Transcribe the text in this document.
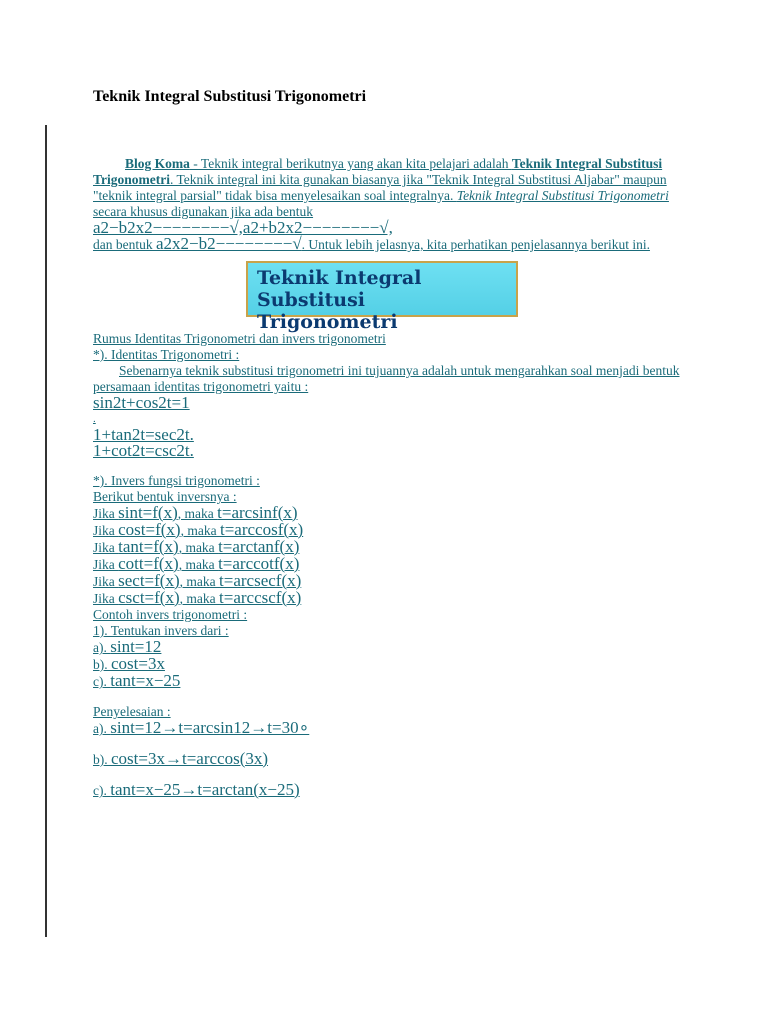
Teknik Integral Substitusi Trigonometri
Blog Koma - Teknik integral berikutnya yang akan kita pelajari adalah Teknik Integral Substitusi Trigonometri. Teknik integral ini kita gunakan biasanya jika "Teknik Integral Substitusi Aljabar" maupun "teknik integral parsial" tidak bisa menyelesaikan soal integralnya. Teknik Integral Substitusi Trigonometri secara khusus digunakan jika ada bentuk
a2−b2x2−−−−−−−−√,a2+b2x2−−−−−−−−√,
dan bentuk a2x2−b2−−−−−−−−√. Untuk lebih jelasnya, kita perhatikan penjelasannya berikut ini.
Teknik Integral Substitusi Trigonometri
Rumus Identitas Trigonometri dan invers trigonometri
*). Identitas Trigonometri :
Sebenarnya teknik substitusi trigonometri ini tujuannya adalah untuk mengarahkan soal menjadi bentuk persamaan identitas trigonometri yaitu :
sin2t+cos2t=1
.
1+tan2t=sec2t.
1+cot2t=csc2t.
*). Invers fungsi trigonometri :
Berikut bentuk inversnya :
Jika sint=f(x), maka t=arcsinf(x)
Jika cost=f(x), maka t=arccosf(x)
Jika tant=f(x), maka t=arctanf(x)
Jika cott=f(x), maka t=arccotf(x)
Jika sect=f(x), maka t=arcsecf(x)
Jika csct=f(x), maka t=arccscf(x)
Contoh invers trigonometri :
1). Tentukan invers dari :
a). sint=12
b). cost=3x
c). tant=x−25
Penyelesaian :
a). sint=12→t=arcsin12→t=30∘
b). cost=3x→t=arccos(3x)
c). tant=x−25→t=arctan(x−25)
